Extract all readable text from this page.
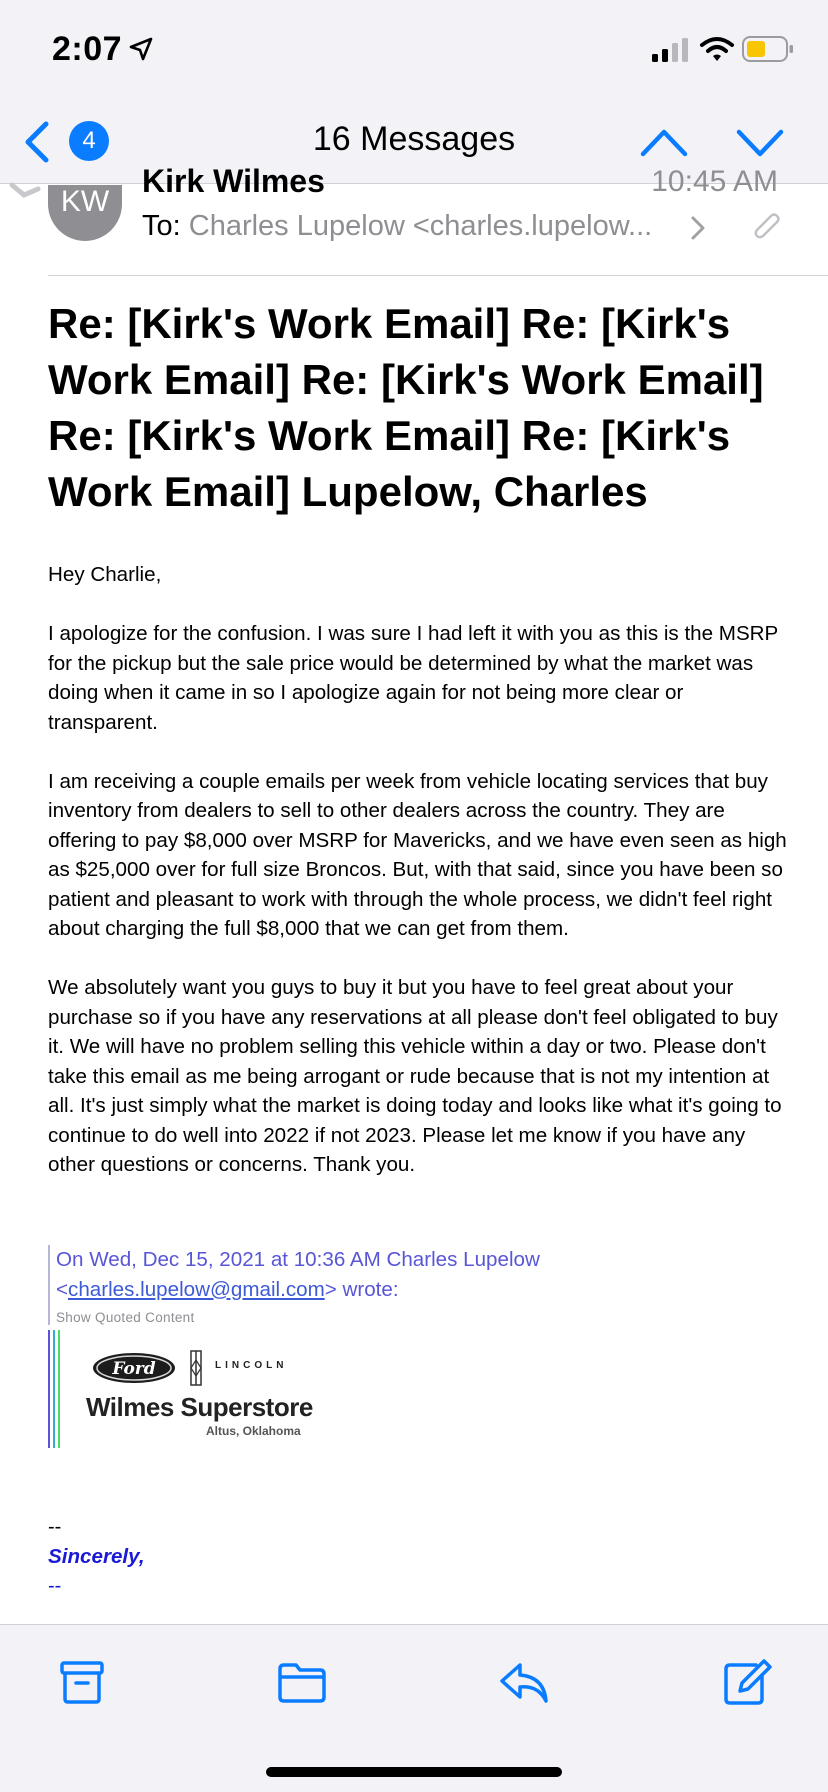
2:07
4	16 Messages
KW
Kirk Wilmes	10:45 AM
To: Charles Lupelow <charles.lupelow...
Re: [Kirk's Work Email] Re: [Kirk's Work Email] Re: [Kirk's Work Email] Re: [Kirk's Work Email] Re: [Kirk's Work Email] Lupelow, Charles

Hey Charlie,

I apologize for the confusion. I was sure I had left it with you as this is the MSRP for the pickup but the sale price would be determined by what the market was doing when it came in so I apologize again for not being more clear or transparent.

I am receiving a couple emails per week from vehicle locating services that buy inventory from dealers to sell to other dealers across the country. They are offering to pay $8,000 over MSRP for Mavericks, and we have even seen as high as $25,000 over for full size Broncos. But, with that said, since you have been so patient and pleasant to work with through the whole process, we didn't feel right about charging the full $8,000 that we can get from them.

We absolutely want you guys to buy it but you have to feel great about your purchase so if you have any reservations at all please don't feel obligated to buy it. We will have no problem selling this vehicle within a day or two. Please don't take this email as me being arrogant or rude because that is not my intention at all. It's just simply what the market is doing today and looks like what it's going to continue to do well into 2022 if not 2023. Please let me know if you have any other questions or concerns. Thank you.

On Wed, Dec 15, 2021 at 10:36 AM Charles Lupelow
<charles.lupelow@gmail.com> wrote:
Show Quoted Content
Ford	LINCOLN
Wilmes Superstore
Altus, Oklahoma
--
Sincerely,
--
